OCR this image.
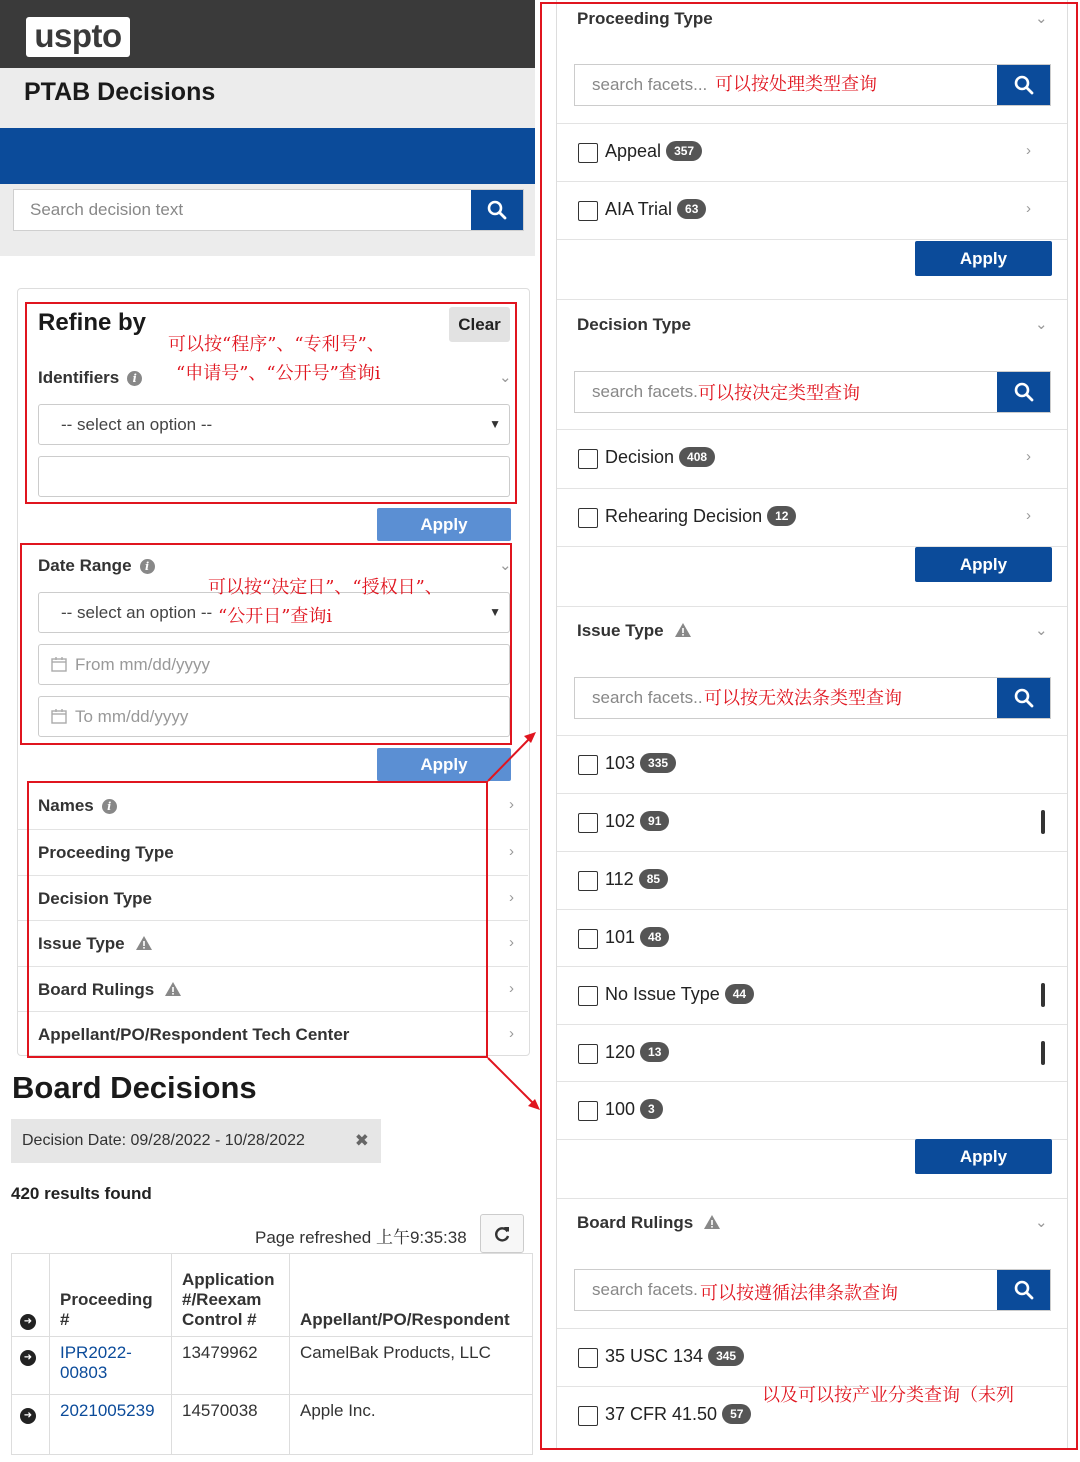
uspto
PTAB Decisions
Search decision text
Refine by	Clear
Identifiers i	⌄
-- select an option --	▼
Apply
Date Range i	⌄
-- select an option --	▼
From mm/dd/yyyy
To mm/dd/yyyy
Apply
Names i	›
Proceeding Type	›
Decision Type	›
Issue Type	›
Board Rulings	›
Appellant/PO/Respondent Tech Center	›
Board Decisions
Decision Date: 09/28/2022 - 10/28/2022	✖
420 results found
Page refreshed 上午9:35:38
➜	Proceeding #	Application #/Reexam Control #	Appellant/PO/Respondent
➜	IPR2022-00803	13479962	CamelBak Products, LLC
➜	2021005239	14570038	Apple Inc.
Proceeding Type	⌄
search facets...
Appeal 357	›
AIA Trial 63	›
Apply
Decision Type	⌄
search facets.
Decision 408	›
Rehearing Decision 12	›
Apply
Issue Type	⌄
search facets..
103 335
102 91
112 85
101 48
No Issue Type 44
120 13
100 3
Apply
Board Rulings	⌄
search facets.
35 USC 134 345
37 CFR 41.50 57
可以按“程序”、“专利号”、
“申请号”、“公开号”查询i
可以按“决定日”、“授权日”、
“公开日”查询i
可以按处理类型查询
可以按决定类型查询
可以按无效法条类型查询
可以按遵循法律条款查询
以及可以按产业分类查询（未列
